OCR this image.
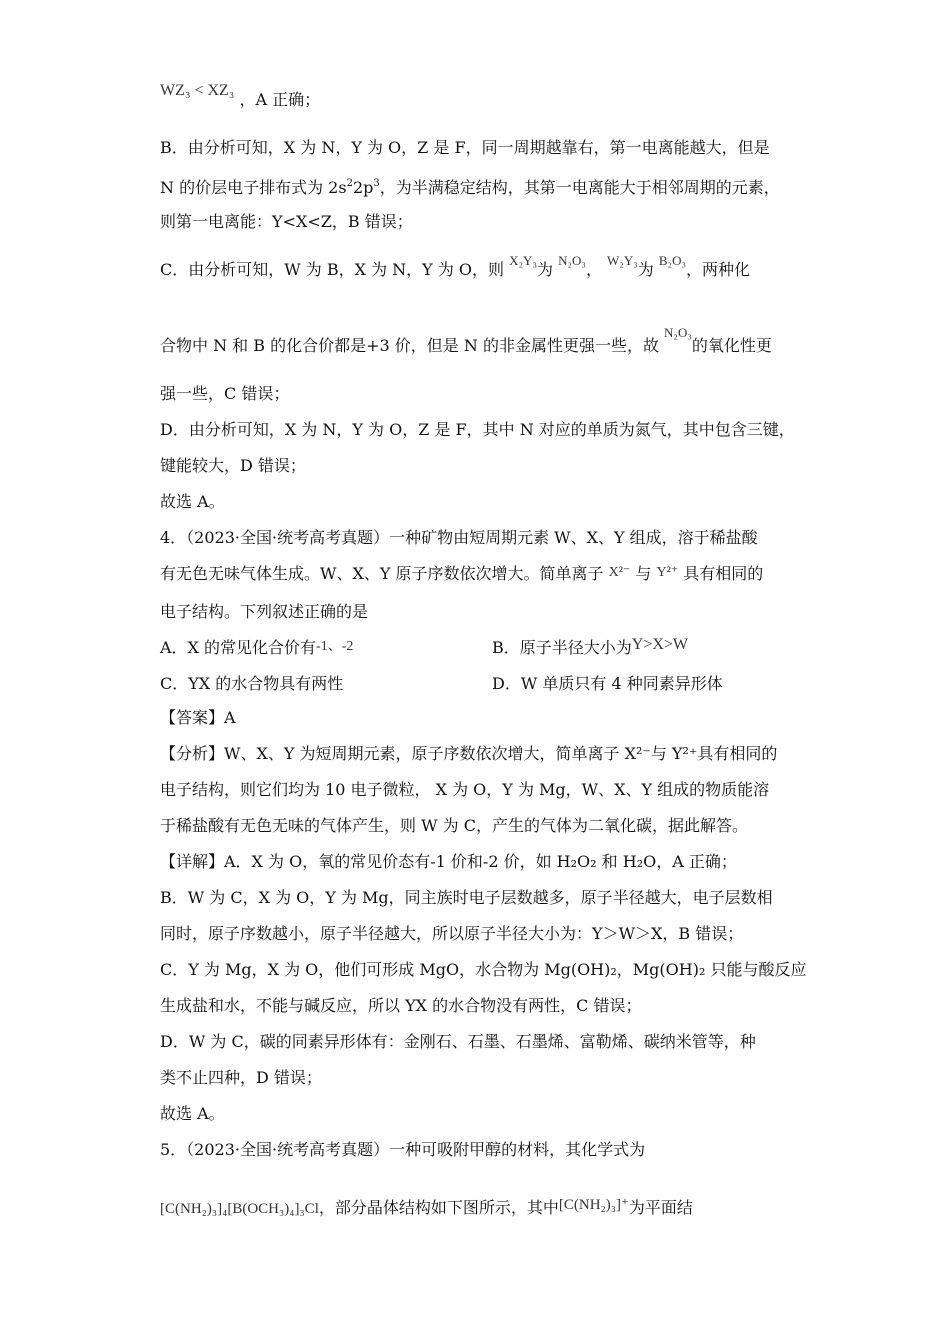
WZ₃ < XZ₃ ，A 正确；
B．由分析可知，X 为 N，Y 为 O，Z 是 F，同一周期越靠右，第一电离能越大，但是
N 的价层电子排布式为 $2s^22p^3$，为半满稳定结构，其第一电离能大于相邻周期的元素，
则第一电离能：Y<X<Z，B 错误；
C．由分析可知，W 为 B，X 为 N，Y 为 O，则 $^{X_2Y_3}$为 $^{N_2O_3}$， $^{W_2Y_3}$为 $^{B_2O_3}$，两种化
合物中 N 和 B 的化合价都是+3 价，但是 N 的非金属性更强一些，故 $^{N_2O_3}$的氧化性更
强一些，C 错误；
D．由分析可知，X 为 N，Y 为 O，Z 是 F，其中 N 对应的单质为氮气，其中包含三键，
键能较大，D 错误；
故选 A。
4．（2023·全国·统考高考真题）一种矿物由短周期元素 W、X、Y 组成，溶于稀盐酸
有无色无味气体生成。W、X、Y 原子序数依次增大。简单离子 X²⁻ 与 Y²⁺ 具有相同的
电子结构。下列叙述正确的是
A．X 的常见化合价有-1、-2	B．原子半径大小为Y>X>W
C．YX 的水合物具有两性	D．W 单质只有 4 种同素异形体
【答案】A
【分析】W、X、Y 为短周期元素，原子序数依次增大，简单离子 X²⁻与 Y²⁺具有相同的
电子结构，则它们均为 10 电子微粒， X 为 O，Y 为 Mg，W、X、Y 组成的物质能溶
于稀盐酸有无色无味的气体产生，则 W 为 C，产生的气体为二氧化碳，据此解答。
【详解】A．X 为 O，氧的常见价态有-1 价和-2 价，如 H₂O₂ 和 H₂O，A 正确；
B．W 为 C，X 为 O，Y 为 Mg，同主族时电子层数越多，原子半径越大，电子层数相
同时，原子序数越小，原子半径越大，所以原子半径大小为：Y＞W＞X，B 错误；
C．Y 为 Mg，X 为 O，他们可形成 MgO，水合物为 Mg(OH)₂，Mg(OH)₂ 只能与酸反应
生成盐和水，不能与碱反应，所以 YX 的水合物没有两性，C 错误；
D．W 为 C，碳的同素异形体有：金刚石、石墨、石墨烯、富勒烯、碳纳米管等，种
类不止四种，D 错误；
故选 A。
5．（2023·全国·统考高考真题）一种可吸附甲醇的材料，其化学式为
[C(NH₂)₃]₄[B(OCH₃)₄]₃Cl，部分晶体结构如下图所示，其中[C(NH₂)₃]⁺为平面结
